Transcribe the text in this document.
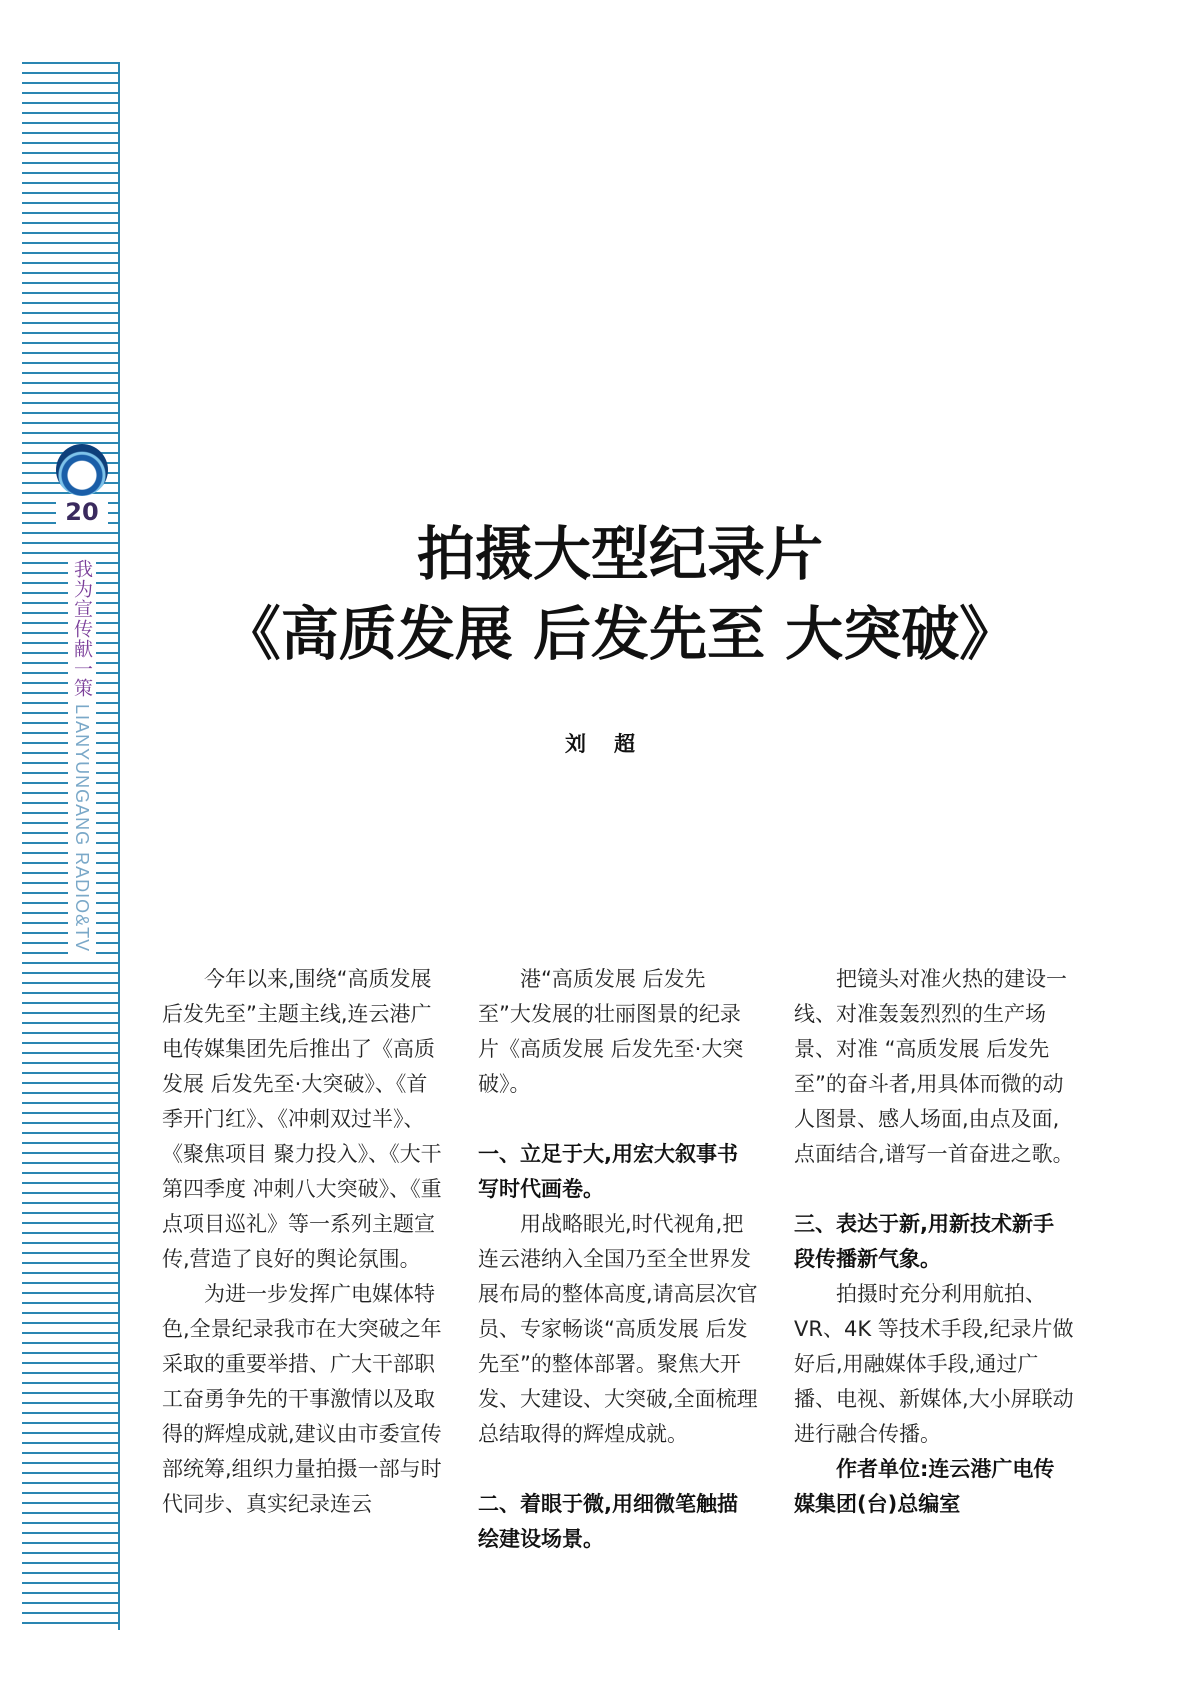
20
我为宣传献一策 LIANYUNGANG RADIO&TV
拍摄大型纪录片
《高质发展 后发先至 大突破》
刘 超

今年以来,围绕“高质发展后发先至”主题主线,连云港广电传媒集团先后推出了《高质发展 后发先至·大突破》、《首季开门红》、《冲刺双过半》、《聚焦项目 聚力投入》、《大干第四季度 冲刺八大突破》、《重点项目巡礼》等一系列主题宣传,营造了良好的舆论氛围。

为进一步发挥广电媒体特色,全景纪录我市在大突破之年采取的重要举措、广大干部职工奋勇争先的干事激情以及取得的辉煌成就,建议由市委宣传部统筹,组织力量拍摄一部与时代同步、真实纪录连云

港“高质发展 后发先至”大发展的壮丽图景的纪录片《高质发展 后发先至·大突破》。

一、立足于大,用宏大叙事书写时代画卷。

用战略眼光,时代视角,把连云港纳入全国乃至全世界发展布局的整体高度,请高层次官员、专家畅谈“高质发展 后发先至”的整体部署。聚焦大开发、大建设、大突破,全面梳理总结取得的辉煌成就。

二、着眼于微,用细微笔触描绘建设场景。

把镜头对准火热的建设一线、对准轰轰烈烈的生产场景、对准 “高质发展 后发先至”的奋斗者,用具体而微的动人图景、感人场面,由点及面,点面结合,谱写一首奋进之歌。

三、表达于新,用新技术新手段传播新气象。

拍摄时充分利用航拍、VR、4K 等技术手段,纪录片做好后,用融媒体手段,通过广播、电视、新媒体,大小屏联动进行融合传播。

作者单位:连云港广电传媒集团(台)总编室
